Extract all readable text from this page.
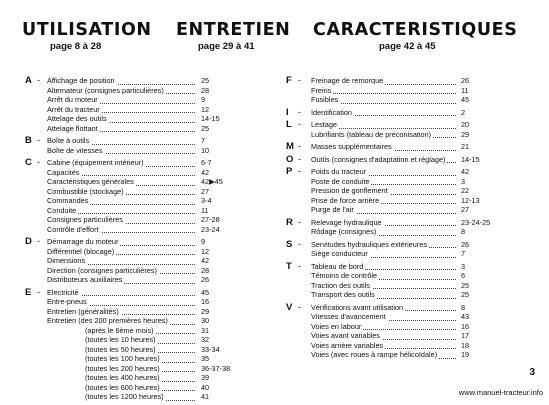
UTILISATION
page 8 à 28
ENTRETIEN
page 29 à 41
CARACTERISTIQUES
page 42 à 45
A - Affichage de position	25
Alternateur (consignes particulières)	28
Arrêt du moteur	9
Arrêt du tracteur	12
Attelage des outils	14-15
Attelage flottant	25
B - Boîte à outils	7
Boîte de vitesses	10
C - Cabine (équipement intérieur)	6-7
Capacités	42
Caractéristiques générales	42▶45
Combustible (stockage)	27
Commandes	3-4
Conduite	11
Consignes particulières	27-28
Contrôle d'effort	23-24
D - Démarrage du moteur	9
Différentiel (blocage)	12
Dimensions	42
Direction (consignes particulières)	28
Distributeurs auxiliaires	26
E - Electricité	45
Entre-pneus	16
Entretien (généralités)	29
Entretien (des 200 premières heures)	30
(après le 6ème mois)	31
(toutes les 10 heures)	32
(toutes les 50 heures)	33-34
(toutes les 100 heures)	35
(toutes les 200 heures)	36-37-38
(toutes les 400 heures)	39
(toutes les 600 heures)	40
(toutes les 1200 heures)	41
F - Freinage de remorque	26
Freins	11
Fusibles	45
I - Identification	2
L - Lestage	20
Lubrifiants (tableau de préconisation)	29
M - Masses supplémentaires	21
O - Outils (consignes d'adaptation et réglage) 14-15
P - Poids du tracteur	42
Poste de conduite	3
Pression de gonflement	22
Prise de force arrière	12-13
Purge de l'air	27
R - Relevage hydraulique	23-24-25
Rôdage (consignes)	8
S - Servitudes hydrauliques extérieures	26
Siège conducteur	7
T - Tableau de bord	3
Témoins de contrôle	6
Traction des outils	25
Transport des outils	25
V - Vérifications avant utilisation	8
Vitesses d'avancement	43
Voies en labour	16
Voies avant variables	17
Voies arrière variables	18
Voies (avec roues à rampe hélicoïdale)	19
3
www.manuel-tracteur.info
